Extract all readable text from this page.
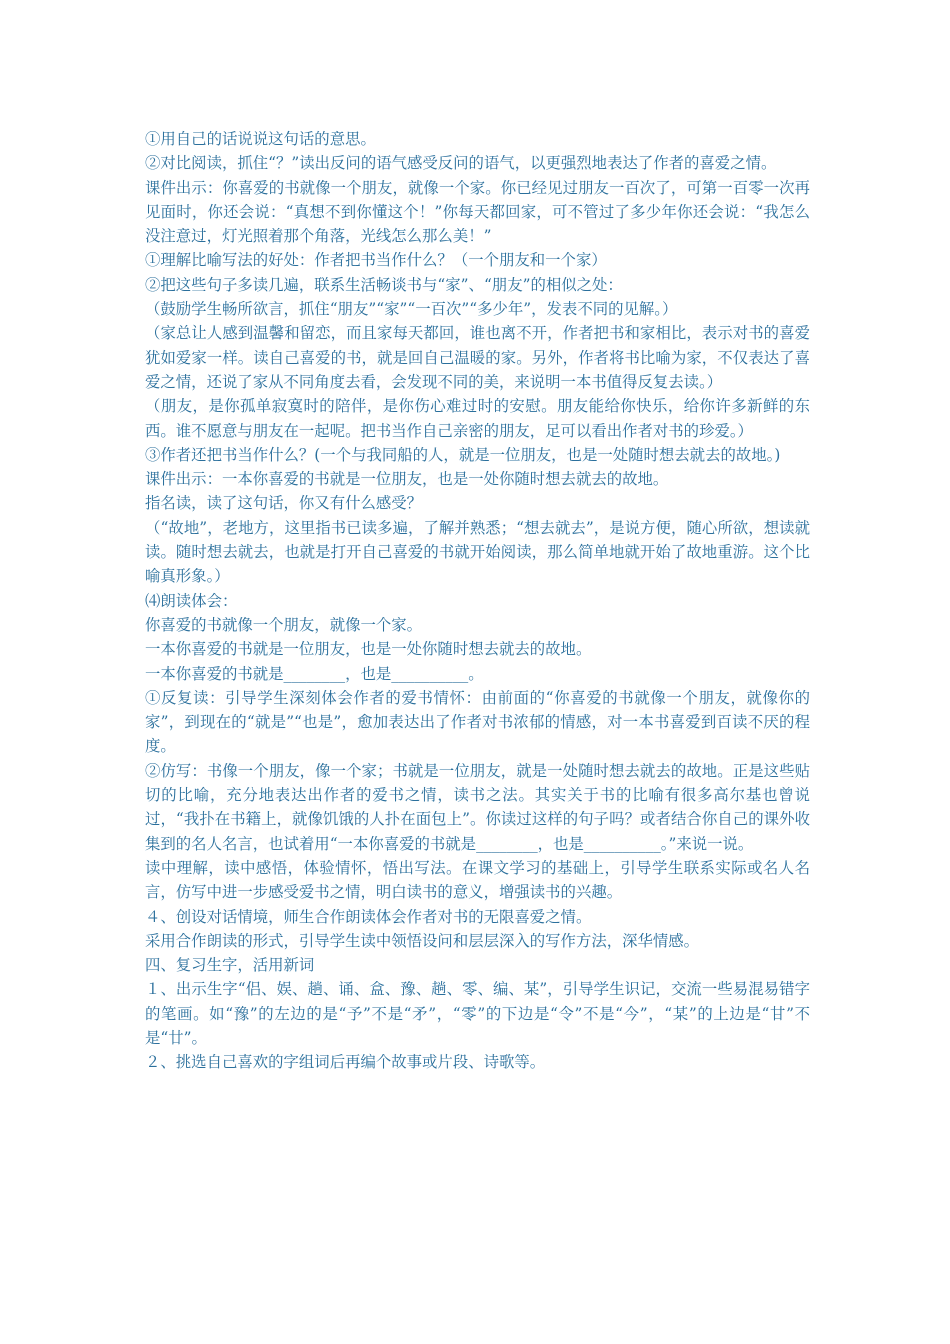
①用自己的话说说这句话的意思。

②对比阅读，抓住“？”读出反问的语气感受反问的语气，以更强烈地表达了作者的喜爱之情。

课件出示：你喜爱的书就像一个朋友，就像一个家。你已经见过朋友一百次了，可第一百零一次再见面时，你还会说：“真想不到你懂这个！”你每天都回家，可不管过了多少年你还会说：“我怎么没注意过，灯光照着那个角落，光线怎么那么美！”

①理解比喻写法的好处：作者把书当作什么？（一个朋友和一个家）

②把这些句子多读几遍，联系生活畅谈书与“家”、“朋友”的相似之处：

（鼓励学生畅所欲言，抓住“朋友”“家”“一百次”“多少年”，发表不同的见解。）

（家总让人感到温馨和留恋，而且家每天都回，谁也离不开，作者把书和家相比，表示对书的喜爱犹如爱家一样。读自己喜爱的书，就是回自己温暖的家。另外，作者将书比喻为家，不仅表达了喜爱之情，还说了家从不同角度去看，会发现不同的美，来说明一本书值得反复去读。）

（朋友，是你孤单寂寞时的陪伴，是你伤心难过时的安慰。朋友能给你快乐，给你许多新鲜的东西。谁不愿意与朋友在一起呢。把书当作自己亲密的朋友，足可以看出作者对书的珍爱。）

③作者还把书当作什么？(一个与我同船的人，就是一位朋友，也是一处随时想去就去的故地。)

课件出示：一本你喜爱的书就是一位朋友，也是一处你随时想去就去的故地。

指名读，读了这句话，你又有什么感受？

（“故地”，老地方，这里指书已读多遍，了解并熟悉；“想去就去”，是说方便，随心所欲，想读就读。随时想去就去，也就是打开自己喜爱的书就开始阅读，那么简单地就开始了故地重游。这个比喻真形象。）

⑷朗读体会：

你喜爱的书就像一个朋友，就像一个家。

一本你喜爱的书就是一位朋友，也是一处你随时想去就去的故地。

一本你喜爱的书就是________，也是__________。

①反复读：引导学生深刻体会作者的爱书情怀：由前面的“你喜爱的书就像一个朋友，就像你的家”，到现在的“就是”“也是”，愈加表达出了作者对书浓郁的情感，对一本书喜爱到百读不厌的程度。

②仿写：书像一个朋友，像一个家；书就是一位朋友，就是一处随时想去就去的故地。正是这些贴切的比喻，充分地表达出作者的爱书之情，读书之法。其实关于书的比喻有很多高尔基也曾说过，“我扑在书籍上，就像饥饿的人扑在面包上”。你读过这样的句子吗？或者结合你自己的课外收集到的名人名言，也试着用“一本你喜爱的书就是________，也是__________。”来说一说。

读中理解，读中感悟，体验情怀，悟出写法。在课文学习的基础上，引导学生联系实际或名人名言，仿写中进一步感受爱书之情，明白读书的意义，增强读书的兴趣。

４、创设对话情境，师生合作朗读体会作者对书的无限喜爱之情。

采用合作朗读的形式，引导学生读中领悟设问和层层深入的写作方法，深华情感。

四、复习生字，活用新词

１、出示生字“侣、娱、趟、诵、盒、豫、趟、零、编、某”，引导学生识记，交流一些易混易错字的笔画。如“豫”的左边的是“予”不是“矛”，“零”的下边是“令”不是“今”，“某”的上边是“甘”不是“廿”。

２、挑选自己喜欢的字组词后再编个故事或片段、诗歌等。
